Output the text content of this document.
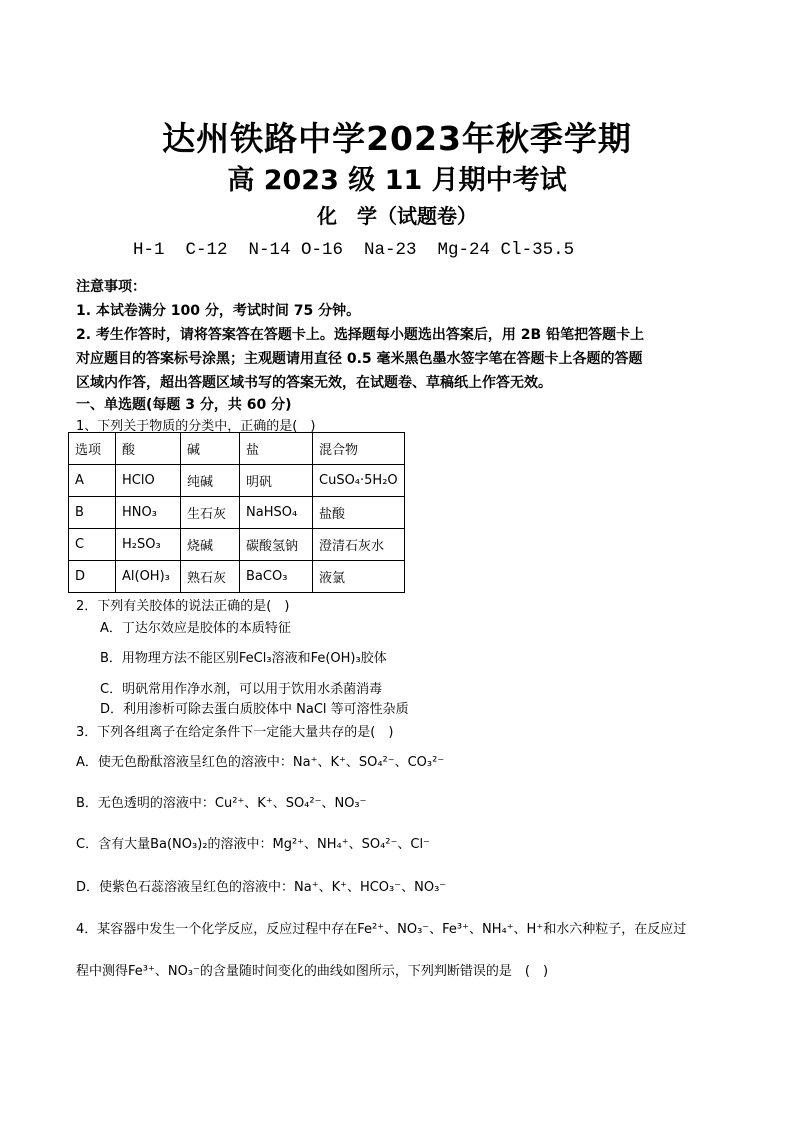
达州铁路中学2023年秋季学期
高 2023 级 11 月期中考试
化　学（试题卷）
H-1  C-12  N-14 O-16  Na-23  Mg-24 Cl-35.5
注意事项：
1. 本试卷满分 100 分，考试时间 75 分钟。
2. 考生作答时，请将答案答在答题卡上。选择题每小题选出答案后，用 2B 铅笔把答题卡上
对应题目的答案标号涂黑；主观题请用直径 0.5 毫米黑色墨水签字笔在答题卡上各题的答题
区域内作答，超出答题区域书写的答案无效，在试题卷、草稿纸上作答无效。
一、单选题(每题 3 分，共 60 分)
1、下列关于物质的分类中，正确的是(　)
选项	酸	碱	盐	混合物
A	HClO	纯碱	明矾	CuSO₄·5H₂O
B	HNO₃	生石灰	NaHSO₄	盐酸
C	H₂SO₃	烧碱	碳酸氢钠	澄清石灰水
D	Al(OH)₃	熟石灰	BaCO₃	液氯
2．下列有关胶体的说法正确的是(　)
A．丁达尔效应是胶体的本质特征
B．用物理方法不能区别FeCl₃溶液和Fe(OH)₃胶体
C．明矾常用作净水剂，可以用于饮用水杀菌消毒
D．利用渗析可除去蛋白质胶体中 NaCl 等可溶性杂质
3．下列各组离子在给定条件下一定能大量共存的是(　)
A．使无色酚酞溶液呈红色的溶液中：Na⁺、K⁺、SO₄²⁻、CO₃²⁻
B．无色透明的溶液中：Cu²⁺、K⁺、SO₄²⁻、NO₃⁻
C．含有大量Ba(NO₃)₂的溶液中：Mg²⁺、NH₄⁺、SO₄²⁻、Cl⁻
D．使紫色石蕊溶液呈红色的溶液中：Na⁺、K⁺、HCO₃⁻、NO₃⁻
4．某容器中发生一个化学反应，反应过程中存在Fe²⁺、NO₃⁻、Fe³⁺、NH₄⁺、H⁺和水六种粒子，在反应过
程中测得Fe³⁺、NO₃⁻的含量随时间变化的曲线如图所示，下列判断错误的是　(　)
